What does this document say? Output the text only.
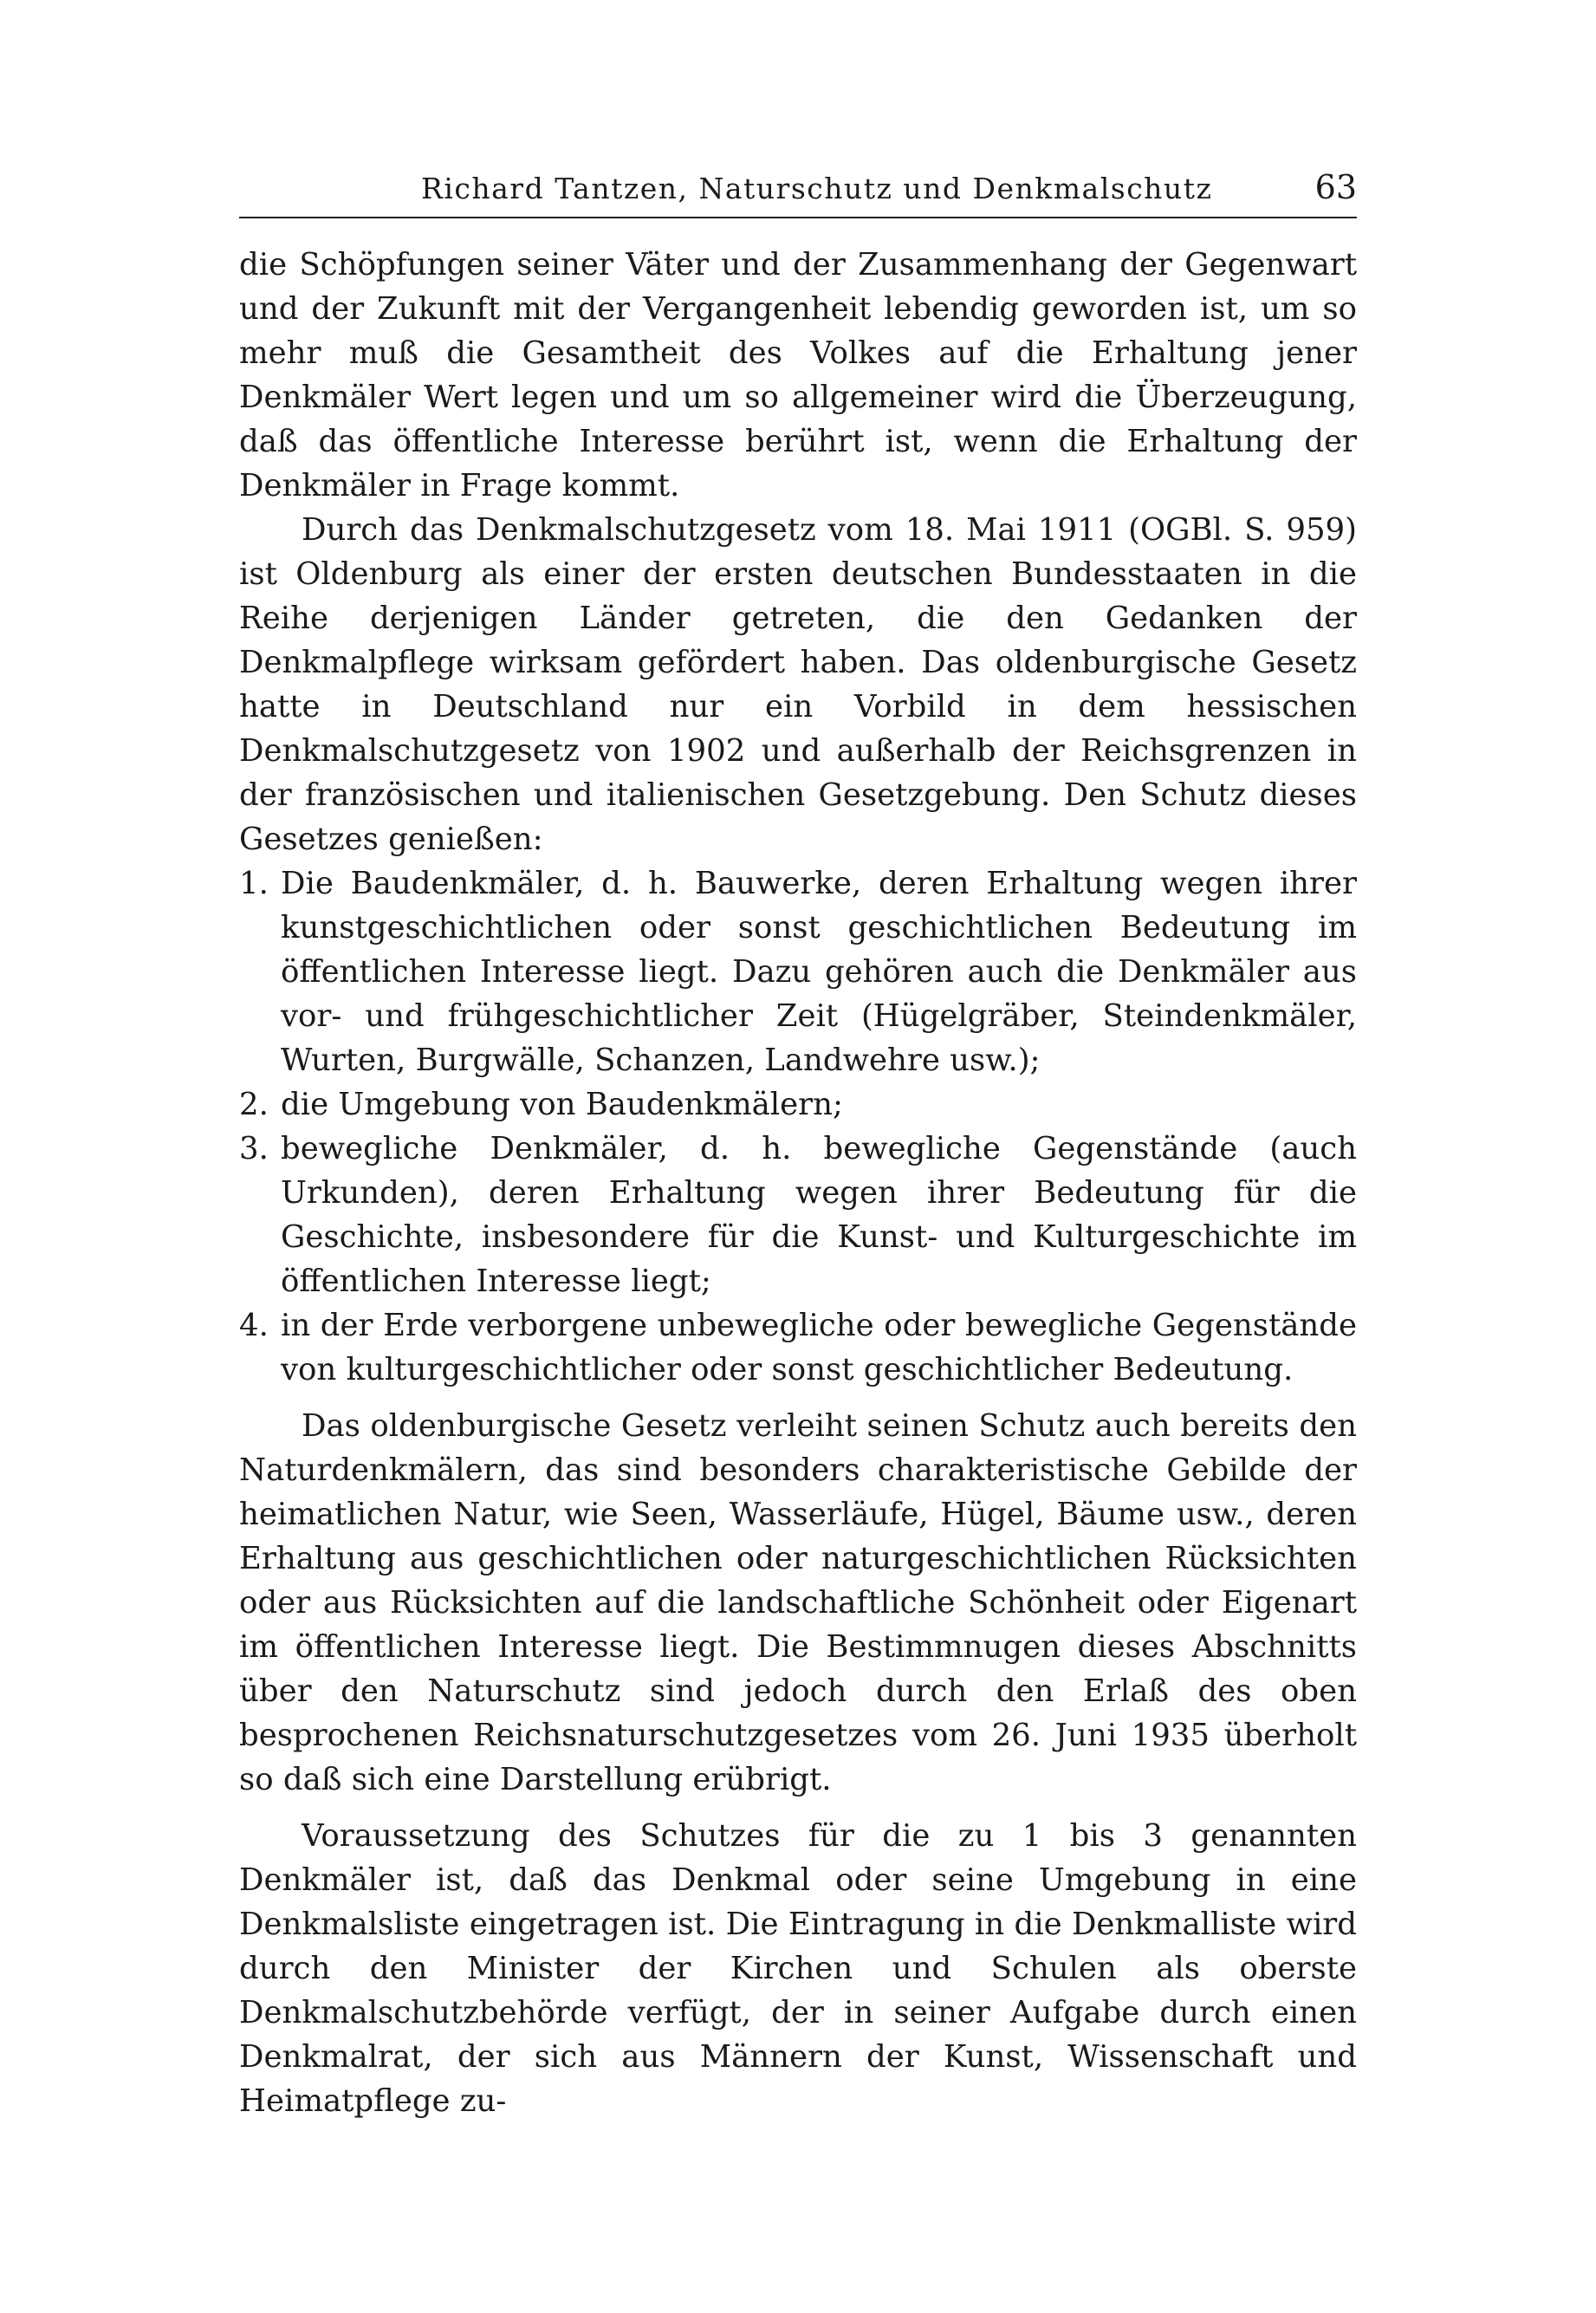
Richard Tantzen, Naturschutz und Denkmalschutz	63

die Schöpfungen seiner Väter und der Zusammenhang der Gegenwart und der Zukunft mit der Vergangenheit lebendig geworden ist, um so mehr muß die Gesamtheit des Volkes auf die Erhaltung jener Denkmäler Wert legen und um so allgemeiner wird die Überzeugung, daß das öffentliche Interesse berührt ist, wenn die Erhaltung der Denkmäler in Frage kommt.

Durch das Denkmalschutzgesetz vom 18. Mai 1911 (OGBl. S. 959) ist Oldenburg als einer der ersten deutschen Bundesstaaten in die Reihe derjenigen Länder getreten, die den Gedanken der Denkmalpflege wirksam gefördert haben. Das oldenburgische Gesetz hatte in Deutschland nur ein Vorbild in dem hessischen Denkmalschutzgesetz von 1902 und außerhalb der Reichsgrenzen in der französischen und italienischen Gesetzgebung. Den Schutz dieses Gesetzes genießen:

1. Die Baudenkmäler, d. h. Bauwerke, deren Erhaltung wegen ihrer kunstgeschichtlichen oder sonst geschichtlichen Bedeutung im öffentlichen Interesse liegt. Dazu gehören auch die Denkmäler aus vor- und frühgeschichtlicher Zeit (Hügelgräber, Steindenkmäler, Wurten, Burgwälle, Schanzen, Landwehre usw.);
2. die Umgebung von Baudenkmälern;
3. bewegliche Denkmäler, d. h. bewegliche Gegenstände (auch Urkunden), deren Erhaltung wegen ihrer Bedeutung für die Geschichte, insbesondere für die Kunst- und Kulturgeschichte im öffentlichen Interesse liegt;
4. in der Erde verborgene unbewegliche oder bewegliche Gegenstände von kulturgeschichtlicher oder sonst geschichtlicher Bedeutung.

Das oldenburgische Gesetz verleiht seinen Schutz auch bereits den Naturdenkmälern, das sind besonders charakteristische Gebilde der heimatlichen Natur, wie Seen, Wasserläufe, Hügel, Bäume usw., deren Erhaltung aus geschichtlichen oder naturgeschichtlichen Rücksichten oder aus Rücksichten auf die landschaftliche Schönheit oder Eigenart im öffentlichen Interesse liegt. Die Bestimmnugen dieses Abschnitts über den Naturschutz sind jedoch durch den Erlaß des oben besprochenen Reichsnaturschutzgesetzes vom 26. Juni 1935 überholt so daß sich eine Darstellung erübrigt.

Voraussetzung des Schutzes für die zu 1 bis 3 genannten Denkmäler ist, daß das Denkmal oder seine Umgebung in eine Denkmalsliste eingetragen ist. Die Eintragung in die Denkmalliste wird durch den Minister der Kirchen und Schulen als oberste Denkmalschutzbehörde verfügt, der in seiner Aufgabe durch einen Denkmalrat, der sich aus Männern der Kunst, Wissenschaft und Heimatpflege zu-
